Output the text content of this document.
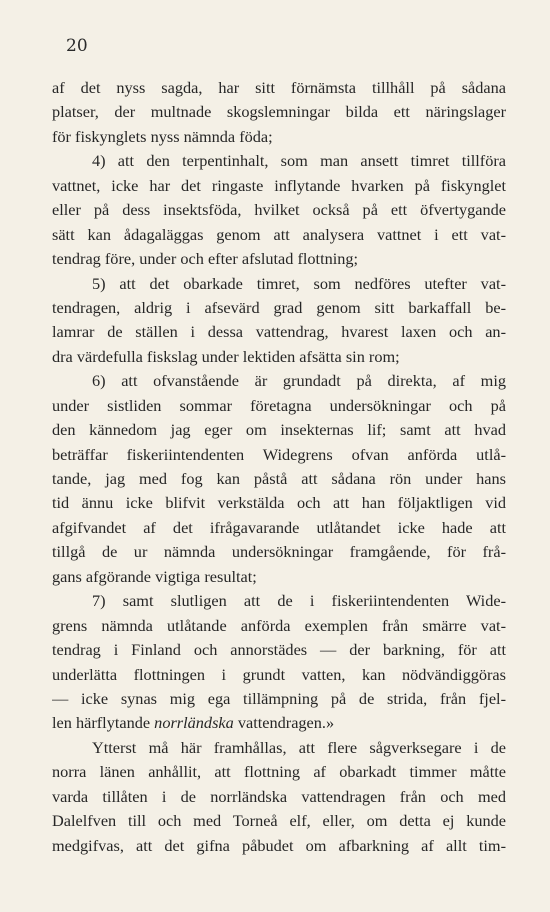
20
af det nyss sagda, har sitt förnämsta tillhåll på sådana
platser, der multnade skogslemningar bilda ett näringslager
för fiskynglets nyss nämnda föda;
4) att den terpentinhalt, som man ansett timret tillföra
vattnet, icke har det ringaste inflytande hvarken på fiskynglet
eller på dess insektsföda, hvilket också på ett öfvertygande
sätt kan ådagaläggas genom att analysera vattnet i ett vat-
tendrag före, under och efter afslutad flottning;
5) att det obarkade timret, som nedföres utefter vat-
tendragen, aldrig i afsevärd grad genom sitt barkaffall be-
lamrar de ställen i dessa vattendrag, hvarest laxen och an-
dra värdefulla fiskslag under lektiden afsätta sin rom;
6) att ofvanstående är grundadt på direkta, af mig
under sistliden sommar företagna undersökningar och på
den kännedom jag eger om insekternas lif; samt att hvad
beträffar fiskeriintendenten Widegrens ofvan anförda utlå-
tande, jag med fog kan påstå att sådana rön under hans
tid ännu icke blifvit verkstälda och att han följaktligen vid
afgifvandet af det ifrågavarande utlåtandet icke hade att
tillgå de ur nämnda undersökningar framgående, för frå-
gans afgörande vigtiga resultat;
7) samt slutligen att de i fiskeriintendenten Wide-
grens nämnda utlåtande anförda exemplen från smärre vat-
tendrag i Finland och annorstädes — der barkning, för att
underlätta flottningen i grundt vatten, kan nödvändiggöras
— icke synas mig ega tillämpning på de strida, från fjel-
len härflytande norrländska vattendragen.»
Ytterst må här framhållas, att flere sågverksegare i de
norra länen anhållit, att flottning af obarkadt timmer måtte
varda tillåten i de norrländska vattendragen från och med
Dalelfven till och med Torneå elf, eller, om detta ej kunde
medgifvas, att det gifna påbudet om afbarkning af allt tim-
